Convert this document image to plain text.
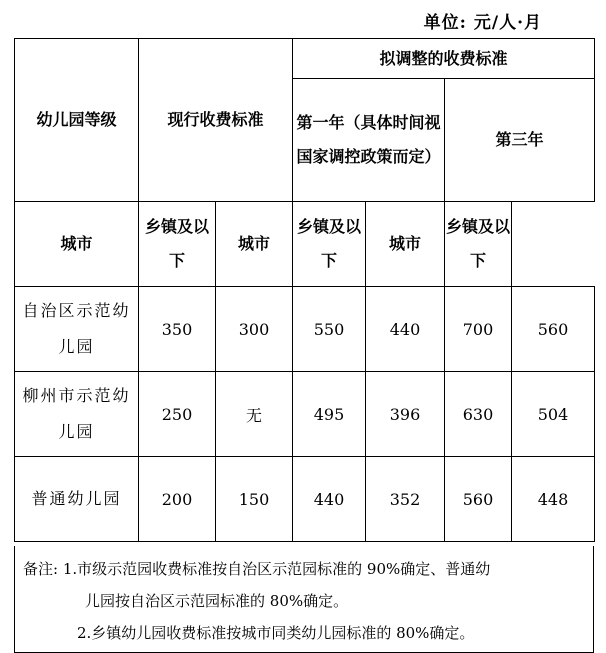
单位: 元/人·月
幼儿园等级	现行收费标准		拟调整的收费标准			
			第一年（具体时间视国家调控政策而定）		第三年	

城市	乡镇及以下	城市	乡镇及以下	城市	乡镇及以下	
自治区示范幼儿园	350	300	550	440	700	560
柳州市示范幼儿园	250	无	495	396	630	504
普通幼儿园	200	150	440	352	560	448
备注: 1.市级示范园收费标准按自治区示范园标准的 90%确定、普通幼
儿园按自治区示范园标准的 80%确定。
2.乡镇幼儿园收费标准按城市同类幼儿园标准的 80%确定。
